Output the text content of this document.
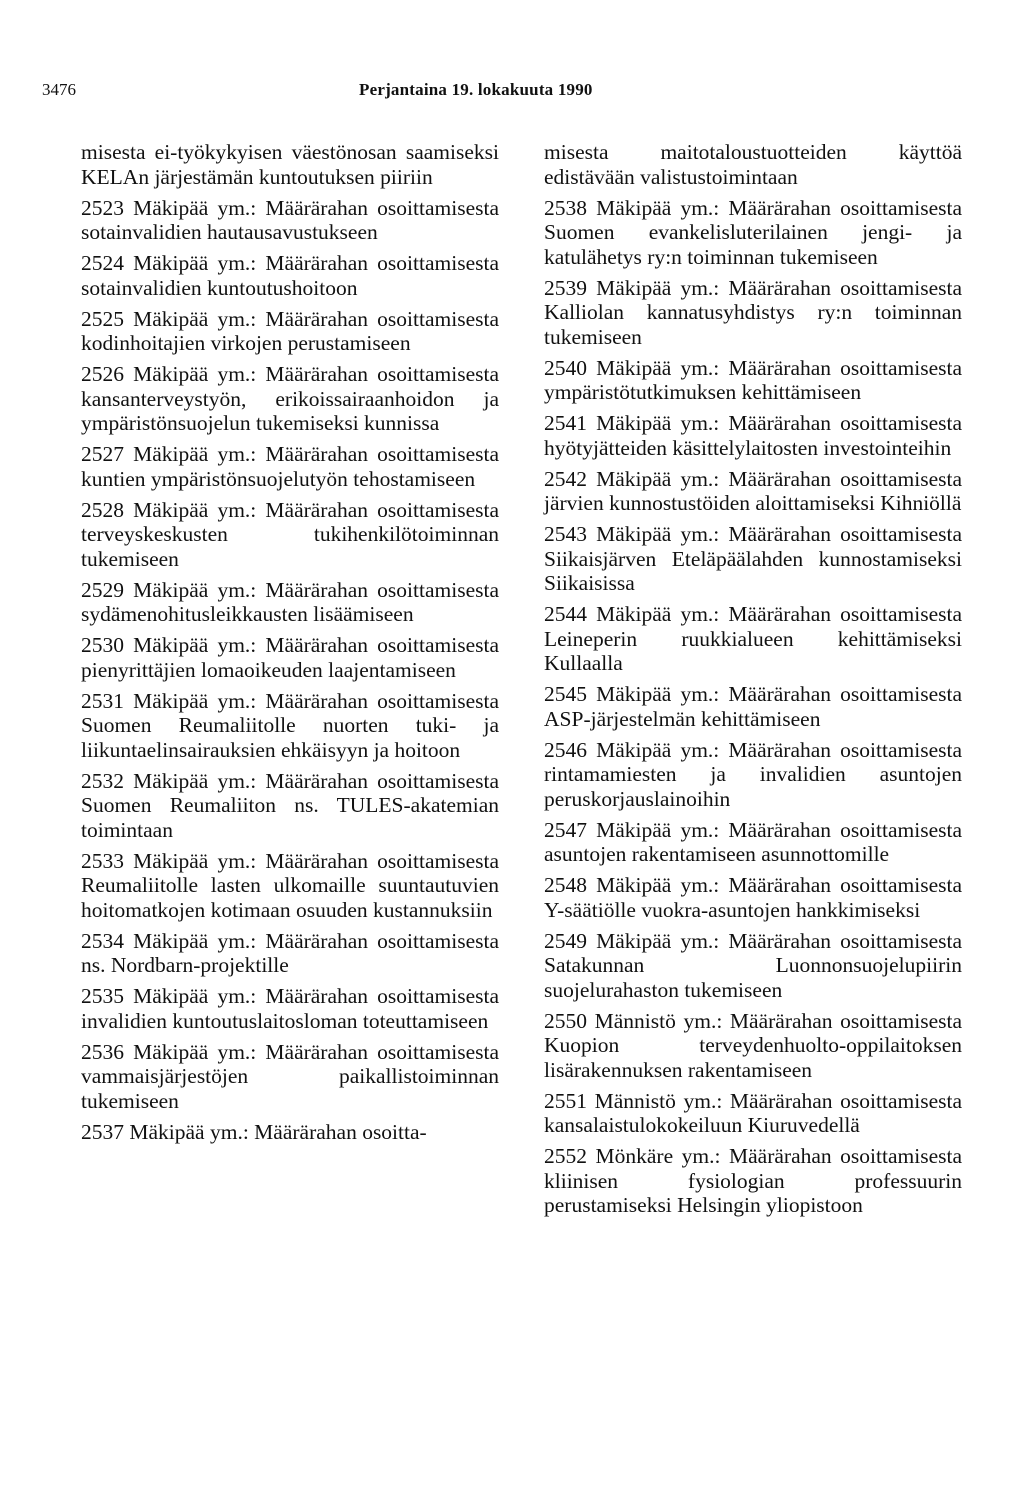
3476	Perjantaina 19. lokakuuta 1990

misesta ei-työkykyisen väestönosan saamiseksi KELAn järjestämän kuntoutuksen piiriin

2523 Mäkipää ym.: Määrärahan osoittamisesta sotainvalidien hautausavustukseen

2524 Mäkipää ym.: Määrärahan osoittamisesta sotainvalidien kuntoutushoitoon

2525 Mäkipää ym.: Määrärahan osoittamisesta kodinhoitajien virkojen perustamiseen

2526 Mäkipää ym.: Määrärahan osoittamisesta kansanterveystyön, erikoissairaanhoidon ja ympäristönsuojelun tukemiseksi kunnissa

2527 Mäkipää ym.: Määrärahan osoittamisesta kuntien ympäristönsuojelutyön tehostamiseen

2528 Mäkipää ym.: Määrärahan osoittamisesta terveyskeskusten tukihenkilötoiminnan tukemiseen

2529 Mäkipää ym.: Määrärahan osoittamisesta sydämenohitusleikkausten lisäämiseen

2530 Mäkipää ym.: Määrärahan osoittamisesta pienyrittäjien lomaoikeuden laajentamiseen

2531 Mäkipää ym.: Määrärahan osoittamisesta Suomen Reumaliitolle nuorten tuki- ja liikuntaelinsairauksien ehkäisyyn ja hoitoon

2532 Mäkipää ym.: Määrärahan osoittamisesta Suomen Reumaliiton ns. TULES-akatemian toimintaan

2533 Mäkipää ym.: Määrärahan osoittamisesta Reumaliitolle lasten ulkomaille suuntautuvien hoitomatkojen kotimaan osuuden kustannuksiin

2534 Mäkipää ym.: Määrärahan osoittamisesta ns. Nordbarn-projektille

2535 Mäkipää ym.: Määrärahan osoittamisesta invalidien kuntoutuslaitosloman toteuttamiseen

2536 Mäkipää ym.: Määrärahan osoittamisesta vammaisjärjestöjen paikallistoiminnan tukemiseen

2537 Mäkipää ym.: Määrärahan osoitta-

misesta maitotaloustuotteiden käyttöä edistävään valistustoimintaan

2538 Mäkipää ym.: Määrärahan osoittamisesta Suomen evankelisluterilainen jengi- ja katulähetys ry:n toiminnan tukemiseen

2539 Mäkipää ym.: Määrärahan osoittamisesta Kalliolan kannatusyhdistys ry:n toiminnan tukemiseen

2540 Mäkipää ym.: Määrärahan osoittamisesta ympäristötutkimuksen kehittämiseen

2541 Mäkipää ym.: Määrärahan osoittamisesta hyötyjätteiden käsittelylaitosten investointeihin

2542 Mäkipää ym.: Määrärahan osoittamisesta järvien kunnostustöiden aloittamiseksi Kihniöllä

2543 Mäkipää ym.: Määrärahan osoittamisesta Siikaisjärven Eteläpäälahden kunnostamiseksi Siikaisissa

2544 Mäkipää ym.: Määrärahan osoittamisesta Leineperin ruukkialueen kehittämiseksi Kullaalla

2545 Mäkipää ym.: Määrärahan osoittamisesta ASP-järjestelmän kehittämiseen

2546 Mäkipää ym.: Määrärahan osoittamisesta rintamamiesten ja invalidien asuntojen peruskorjauslainoihin

2547 Mäkipää ym.: Määrärahan osoittamisesta asuntojen rakentamiseen asunnottomille

2548 Mäkipää ym.: Määrärahan osoittamisesta Y-säätiölle vuokra-asuntojen hankkimiseksi

2549 Mäkipää ym.: Määrärahan osoittamisesta Satakunnan Luonnonsuojelupiirin suojelurahaston tukemiseen

2550 Männistö ym.: Määrärahan osoittamisesta Kuopion terveydenhuolto-oppilaitoksen lisärakennuksen rakentamiseen

2551 Männistö ym.: Määrärahan osoittamisesta kansalaistulokokeiluun Kiuruvedellä

2552 Mönkäre ym.: Määrärahan osoittamisesta kliinisen fysiologian professuurin perustamiseksi Helsingin yliopistoon
